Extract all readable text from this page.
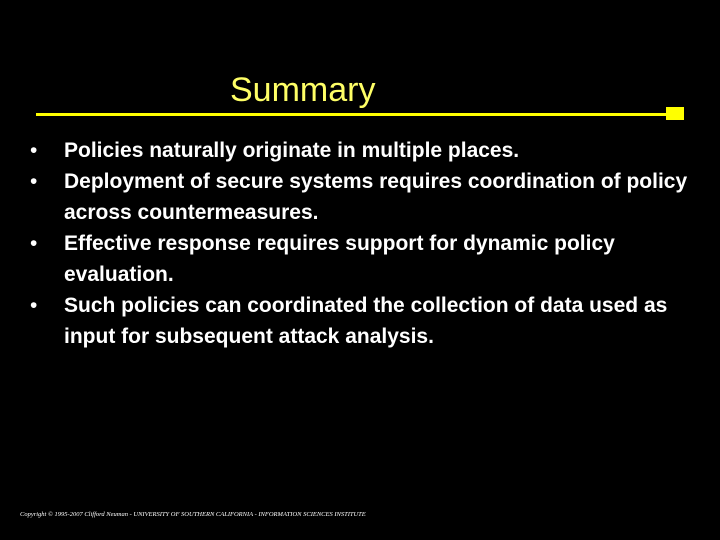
Summary
• Policies naturally originate in multiple places.
• Deployment of secure systems requires coordination of policy across countermeasures.
• Effective response requires support for dynamic policy evaluation.
• Such policies can coordinated the collection of data used as input for subsequent attack analysis.
Copyright © 1995-2007 Clifford Neuman - UNIVERSITY OF SOUTHERN CALIFORNIA - INFORMATION SCIENCES INSTITUTE
